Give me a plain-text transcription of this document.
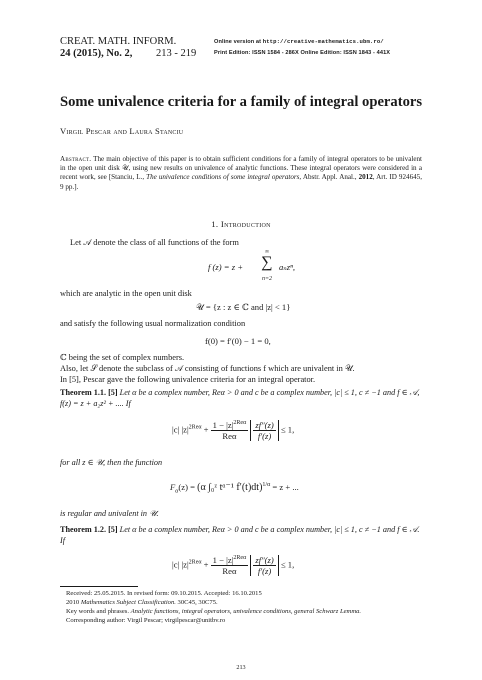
CREAT. MATH. INFORM.
24 (2015), No. 2, 213 - 219
Online version at http://creative-mathematics.ubm.ro/
Print Edition: ISSN 1584 - 286X Online Edition: ISSN 1843 - 441X
Some univalence criteria for a family of integral operators
Virgil Pescar and Laura Stanciu
Abstract. The main objective of this paper is to obtain sufficient conditions for a family of integral operators to be univalent in the open unit disk 𝒰, using new results on univalence of analytic functions. These integral operators were considered in a recent work, see [Stanciu, L., The univalence conditions of some integral operators, Abstr. Appl. Anal., 2012, Art. ID 924645, 9 pp.].
1. Introduction
Let 𝒜 denote the class of all functions of the form
f (z) = z +
∞
∑
n=2
aₙzⁿ,
which are analytic in the open unit disk
𝒰 = {z : z ∈ ℂ and |z| < 1}
and satisfy the following usual normalization condition
f(0) = f′(0) − 1 = 0,
ℂ being the set of complex numbers.
Also, let 𝒮 denote the subclass of 𝒜 consisting of functions f which are univalent in 𝒰.
In [5], Pescar gave the following univalence criteria for an integral operator.
Theorem 1.1. [5] Let α be a complex number, Reα > 0 and c be a complex number, |c| ≤ 1, c ≠ −1 and f ∈ 𝒜, f(z) = z + a₂z² + .... If
|c| $|z|^{2Re\alpha} + \frac{1 - |z|^{2Re\alpha}}{\text{Reα}}$
$\frac{zf''(z)}{f'(z)} \le 1$,
for all z ∈ 𝒰, then the function
$F_\alpha(z) = (\alpha$ ∫₀ᶻ tᵅ⁻¹ f′(t)dt)$^{1/\alpha}$ = z + ...
is regular and univalent in 𝒰.
Theorem 1.2. [5] Let α be a complex number, Reα > 0 and c be a complex number, |c| ≤ 1, c ≠ −1 and f ∈ 𝒜. If
|c| $|z|^{2Re\alpha} + \frac{1 - |z|^{2Re\alpha}}{\text{Reα}}$
$\frac{zf''(z)}{f'(z)} \le 1$,
Received: 25.05.2015. In revised form: 09.10.2015. Accepted: 16.10.2015
2010 Mathematics Subject Classification. 30C45, 30C75.
Key words and phrases. Analytic functions, integral operators, univalence conditions, general Schwarz Lemma.
Corresponding author: Virgil Pescar; virgilpescar@unitbv.ro
213
